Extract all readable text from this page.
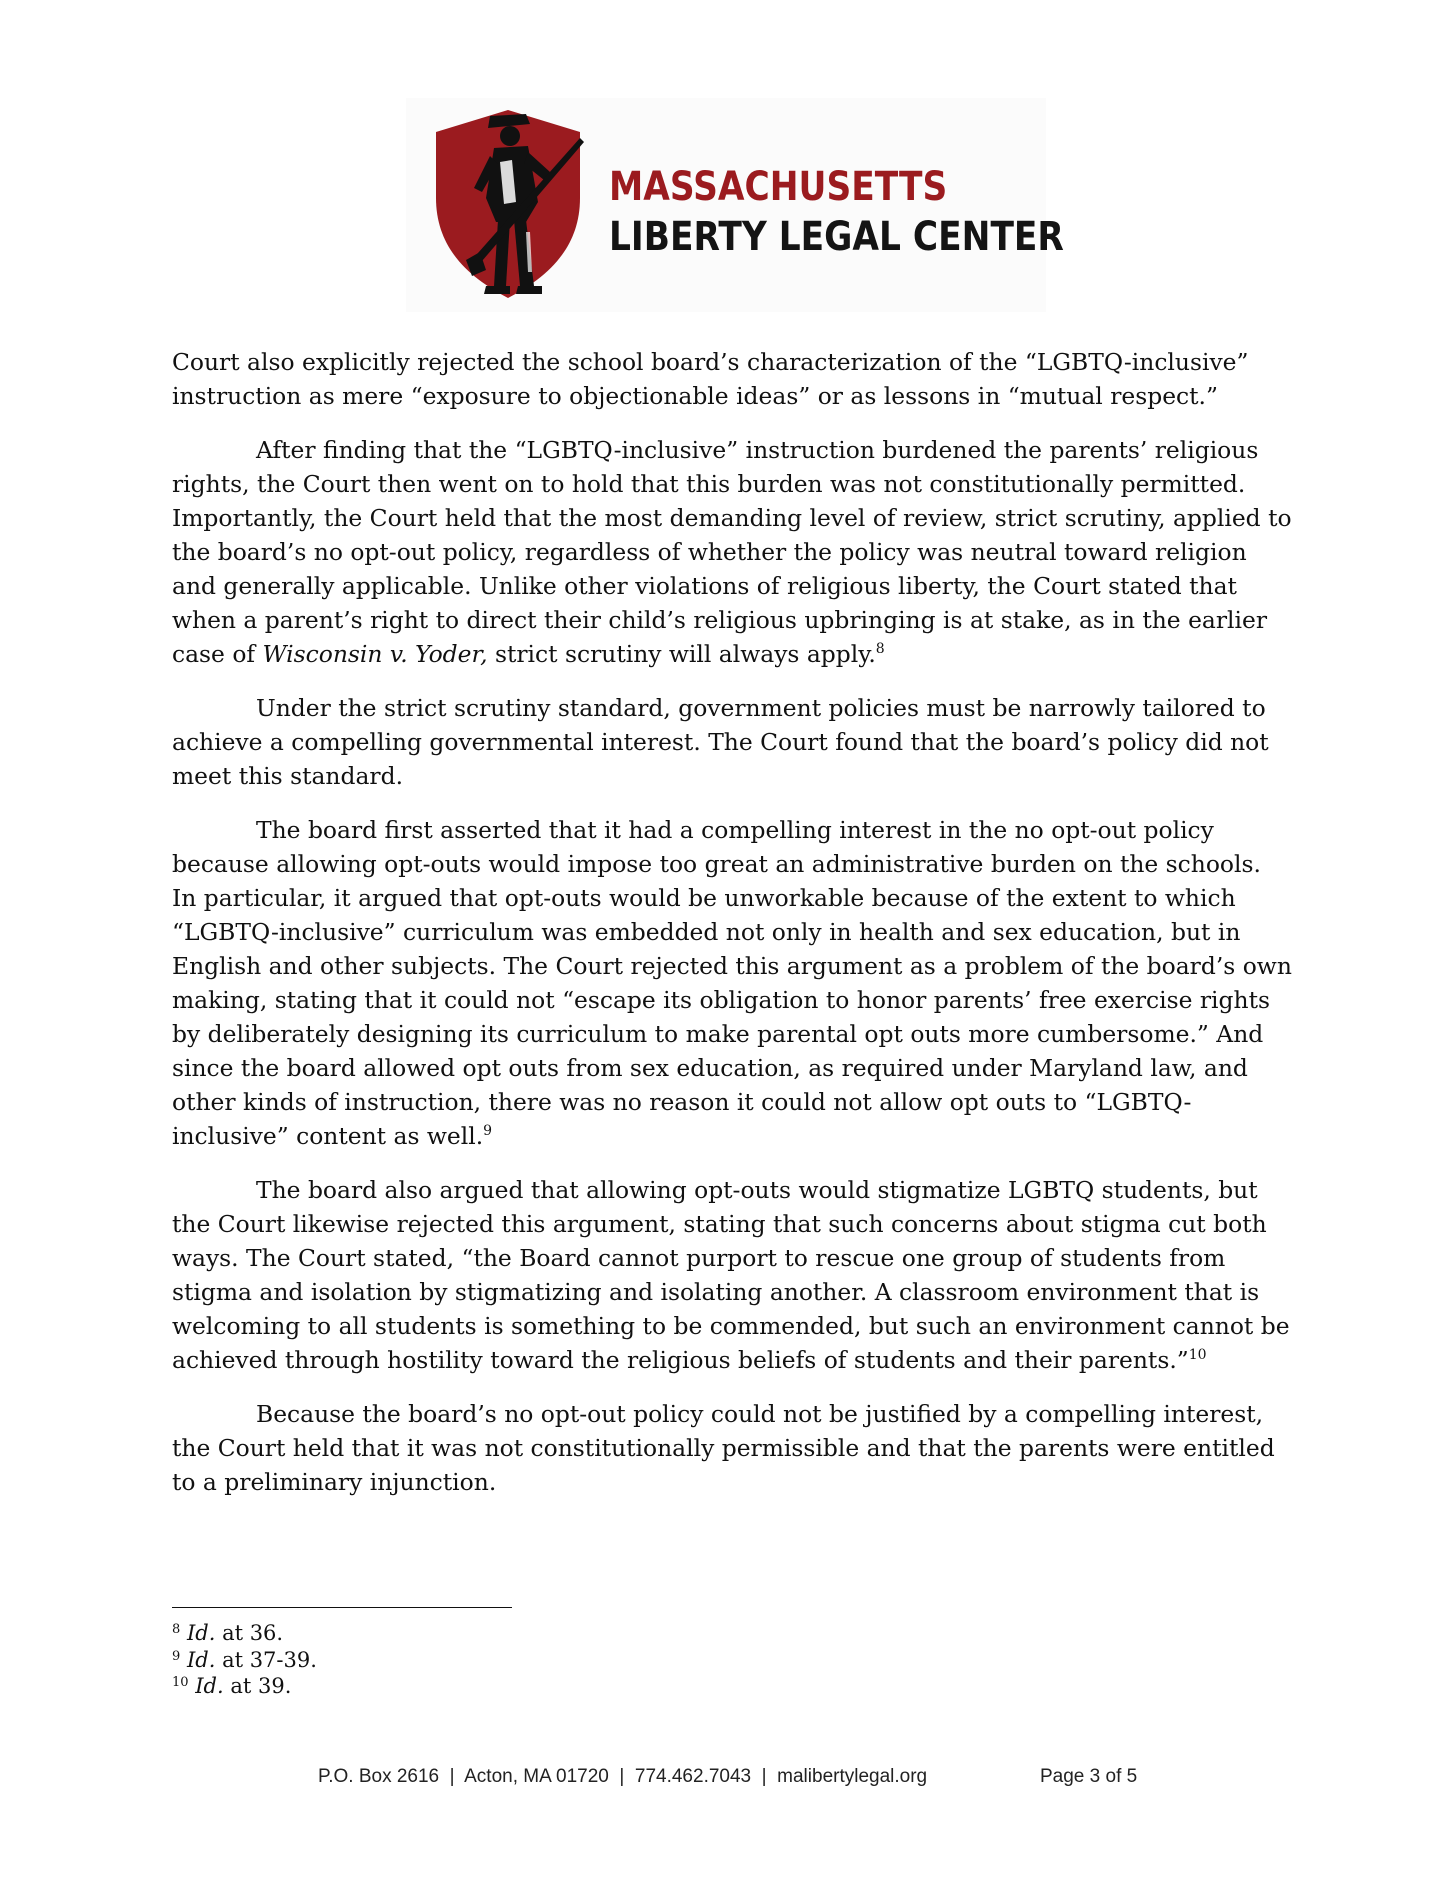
MASSACHUSETTS
LIBERTY LEGAL CENTER

Court also explicitly rejected the school board’s characterization of the “LGBTQ-inclusive” instruction as mere “exposure to objectionable ideas” or as lessons in “mutual respect.”

After finding that the “LGBTQ-inclusive” instruction burdened the parents’ religious rights, the Court then went on to hold that this burden was not constitutionally permitted. Importantly, the Court held that the most demanding level of review, strict scrutiny, applied to the board’s no opt-out policy, regardless of whether the policy was neutral toward religion and generally applicable. Unlike other violations of religious liberty, the Court stated that when a parent’s right to direct their child’s religious upbringing is at stake, as in the earlier case of Wisconsin v. Yoder, strict scrutiny will always apply.$^8$

Under the strict scrutiny standard, government policies must be narrowly tailored to achieve a compelling governmental interest. The Court found that the board’s policy did not meet this standard.

The board first asserted that it had a compelling interest in the no opt-out policy because allowing opt-outs would impose too great an administrative burden on the schools. In particular, it argued that opt-outs would be unworkable because of the extent to which “LGBTQ-inclusive” curriculum was embedded not only in health and sex education, but in English and other subjects. The Court rejected this argument as a problem of the board’s own making, stating that it could not “escape its obligation to honor parents’ free exercise rights by deliberately designing its curriculum to make parental opt outs more cumbersome.” And since the board allowed opt outs from sex education, as required under Maryland law, and other kinds of instruction, there was no reason it could not allow opt outs to “LGBTQ-inclusive” content as well.$^9$

The board also argued that allowing opt-outs would stigmatize LGBTQ students, but the Court likewise rejected this argument, stating that such concerns about stigma cut both ways. The Court stated, “the Board cannot purport to rescue one group of students from stigma and isolation by stigmatizing and isolating another. A classroom environment that is welcoming to all students is something to be commended, but such an environment cannot be achieved through hostility toward the religious beliefs of students and their parents.”$^{10}$

Because the board’s no opt-out policy could not be justified by a compelling interest, the Court held that it was not constitutionally permissible and that the parents were entitled to a preliminary injunction.

$^8$ Id. at 36.
$^9$ Id. at 37-39.
$^{10}$ Id. at 39.
P.O. Box 2616  |  Acton, MA 01720  |  774.462.7043  |  malibertylegal.org	Page 3 of 5
